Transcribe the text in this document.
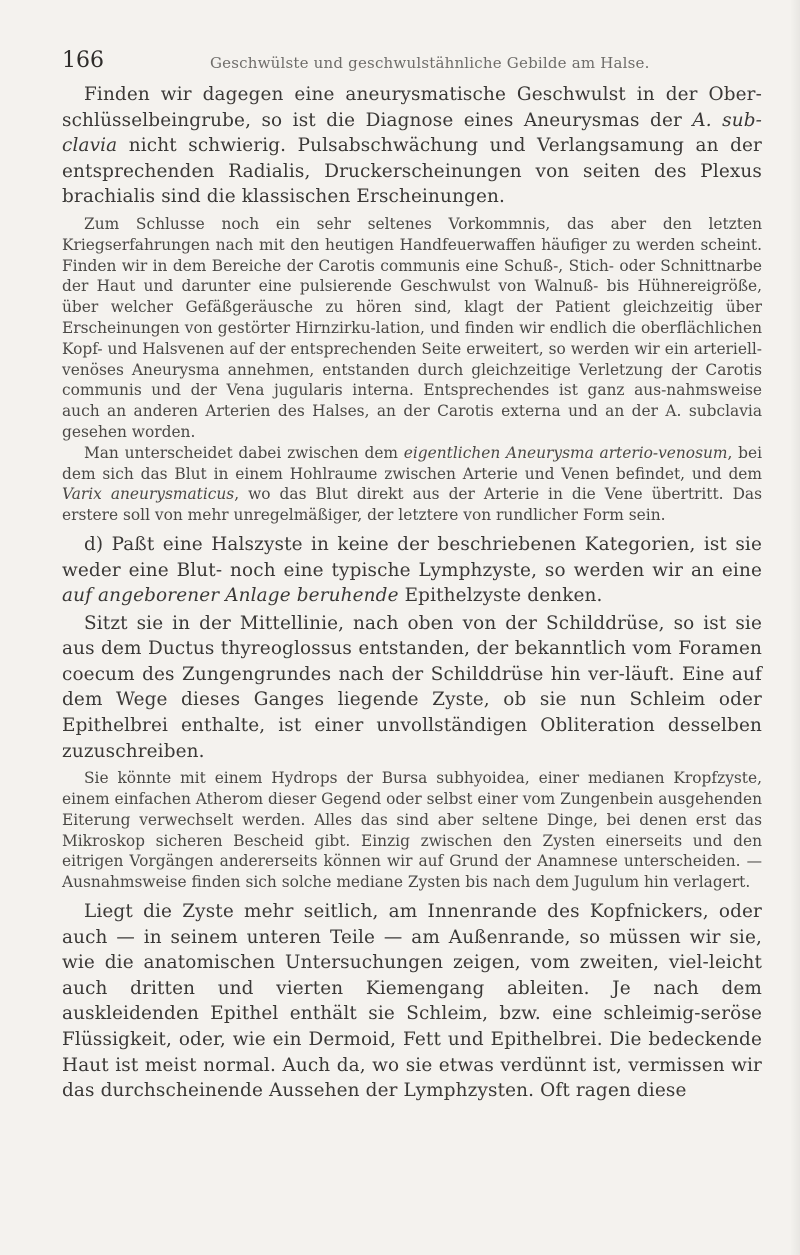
166	Geschwülste und geschwulstähnliche Gebilde am Halse.

Finden wir dagegen eine aneurysmatische Geschwulst in der Ober-schlüsselbeingrube, so ist die Diagnose eines Aneurysmas der A. sub-clavia nicht schwierig. Pulsabschwächung und Verlangsamung an der entsprechenden Radialis, Druckerscheinungen von seiten des Plexus brachialis sind die klassischen Erscheinungen.

Zum Schlusse noch ein sehr seltenes Vorkommnis, das aber den letzten Kriegserfahrungen nach mit den heutigen Handfeuerwaffen häufiger zu werden scheint. Finden wir in dem Bereiche der Carotis communis eine Schuß-, Stich- oder Schnittnarbe der Haut und darunter eine pulsierende Geschwulst von Walnuß- bis Hühnereigröße, über welcher Gefäßgeräusche zu hören sind, klagt der Patient gleichzeitig über Erscheinungen von gestörter Hirnzirku-lation, und finden wir endlich die oberflächlichen Kopf- und Halsvenen auf der entsprechenden Seite erweitert, so werden wir ein arteriell-venöses Aneurysma annehmen, entstanden durch gleichzeitige Verletzung der Carotis communis und der Vena jugularis interna. Entsprechendes ist ganz aus-nahmsweise auch an anderen Arterien des Halses, an der Carotis externa und an der A. subclavia gesehen worden.

Man unterscheidet dabei zwischen dem eigentlichen Aneurysma arterio-venosum, bei dem sich das Blut in einem Hohlraume zwischen Arterie und Venen befindet, und dem Varix aneurysmaticus, wo das Blut direkt aus der Arterie in die Vene übertritt. Das erstere soll von mehr unregelmäßiger, der letztere von rundlicher Form sein.

d) Paßt eine Halszyste in keine der beschriebenen Kategorien, ist sie weder eine Blut- noch eine typische Lymphzyste, so werden wir an eine auf angeborener Anlage beruhende Epithelzyste denken.

Sitzt sie in der Mittellinie, nach oben von der Schilddrüse, so ist sie aus dem Ductus thyreoglossus entstanden, der bekanntlich vom Foramen coecum des Zungengrundes nach der Schilddrüse hin ver-läuft. Eine auf dem Wege dieses Ganges liegende Zyste, ob sie nun Schleim oder Epithelbrei enthalte, ist einer unvollständigen Obliteration desselben zuzuschreiben.

Sie könnte mit einem Hydrops der Bursa subhyoidea, einer medianen Kropfzyste, einem einfachen Atherom dieser Gegend oder selbst einer vom Zungenbein ausgehenden Eiterung verwechselt werden. Alles das sind aber seltene Dinge, bei denen erst das Mikroskop sicheren Bescheid gibt. Einzig zwischen den Zysten einerseits und den eitrigen Vorgängen andererseits können wir auf Grund der Anamnese unterscheiden. — Ausnahmsweise finden sich solche mediane Zysten bis nach dem Jugulum hin verlagert.

Liegt die Zyste mehr seitlich, am Innenrande des Kopfnickers, oder auch — in seinem unteren Teile — am Außenrande, so müssen wir sie, wie die anatomischen Untersuchungen zeigen, vom zweiten, viel-leicht auch dritten und vierten Kiemengang ableiten. Je nach dem auskleidenden Epithel enthält sie Schleim, bzw. eine schleimig-seröse Flüssigkeit, oder, wie ein Dermoid, Fett und Epithelbrei. Die bedeckende Haut ist meist normal. Auch da, wo sie etwas verdünnt ist, vermissen wir das durchscheinende Aussehen der Lymphzysten. Oft ragen diese
